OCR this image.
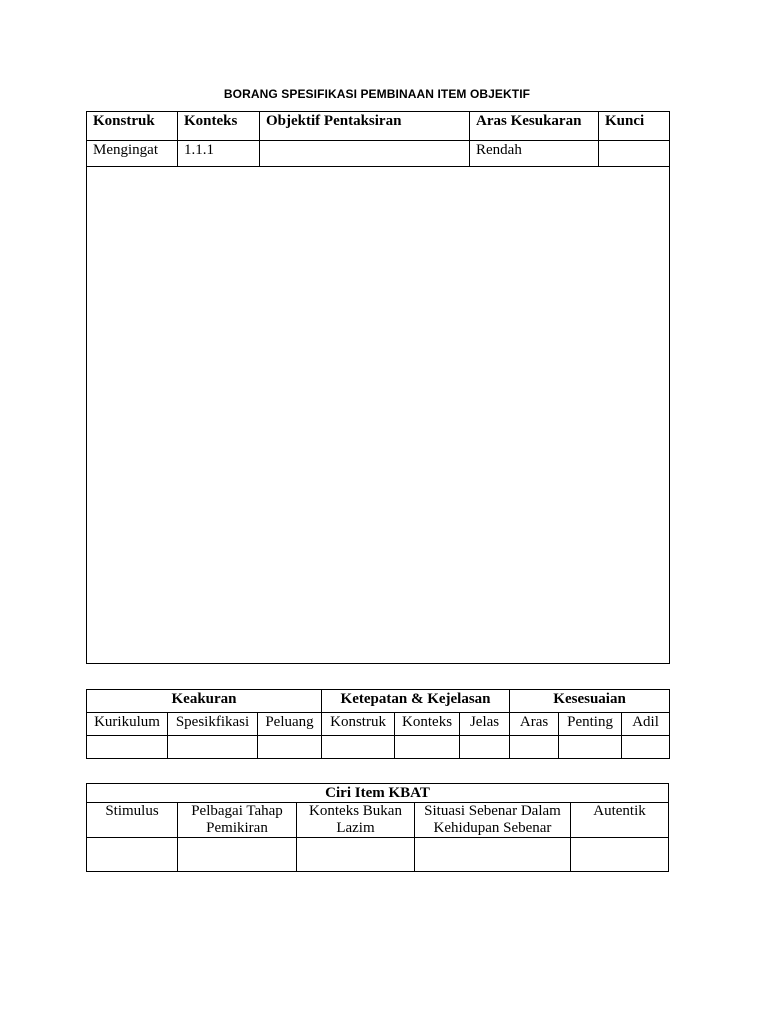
BORANG SPESIFIKASI PEMBINAAN ITEM OBJEKTIF
Konstruk	Konteks	Objektif Pentaksiran	Aras Kesukaran	Kunci
Mengingat	1.1.1		Rendah	

Keakuran			Ketepatan & Kejelasan			Kesesuaian		
Kurikulum	Spesikfikasi	Peluang	Konstruk	Konteks	Jelas	Aras	Penting	Adil

Ciri Item KBAT				
Stimulus	Pelbagai Tahap Pemikiran	Konteks Bukan Lazim	Situasi Sebenar Dalam Kehidupan Sebenar	Autentik
